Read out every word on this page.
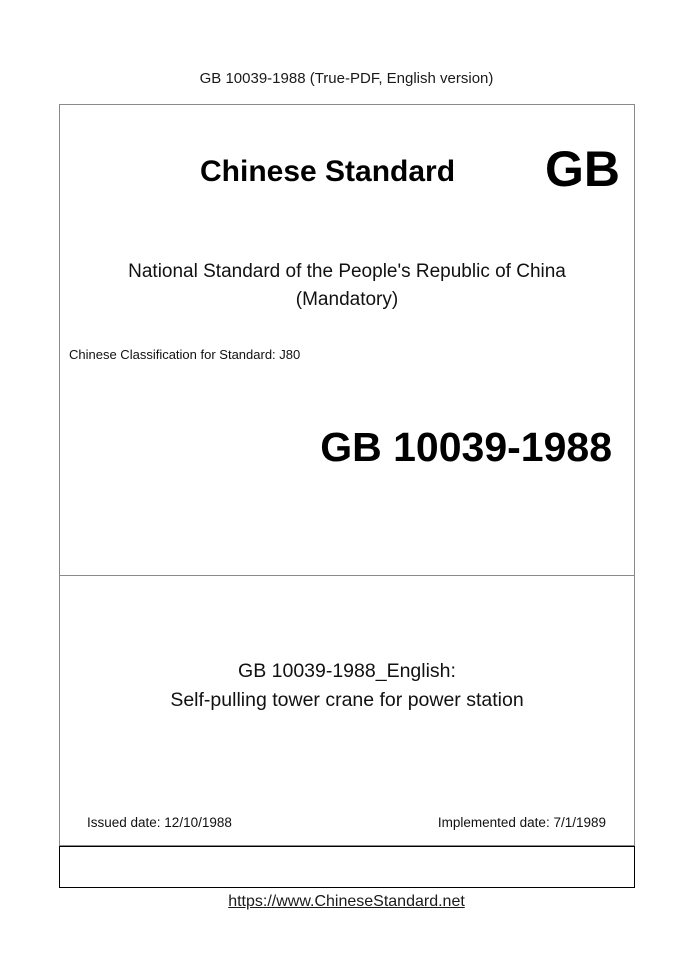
GB 10039-1988 (True-PDF, English version)
Chinese Standard GB
National Standard of the People's Republic of China
(Mandatory)
Chinese Classification for Standard: J80
GB 10039-1988
GB 10039-1988_English:
Self-pulling tower crane for power station
Issued date: 12/10/1988	Implemented date: 7/1/1989
https://www.ChineseStandard.net
